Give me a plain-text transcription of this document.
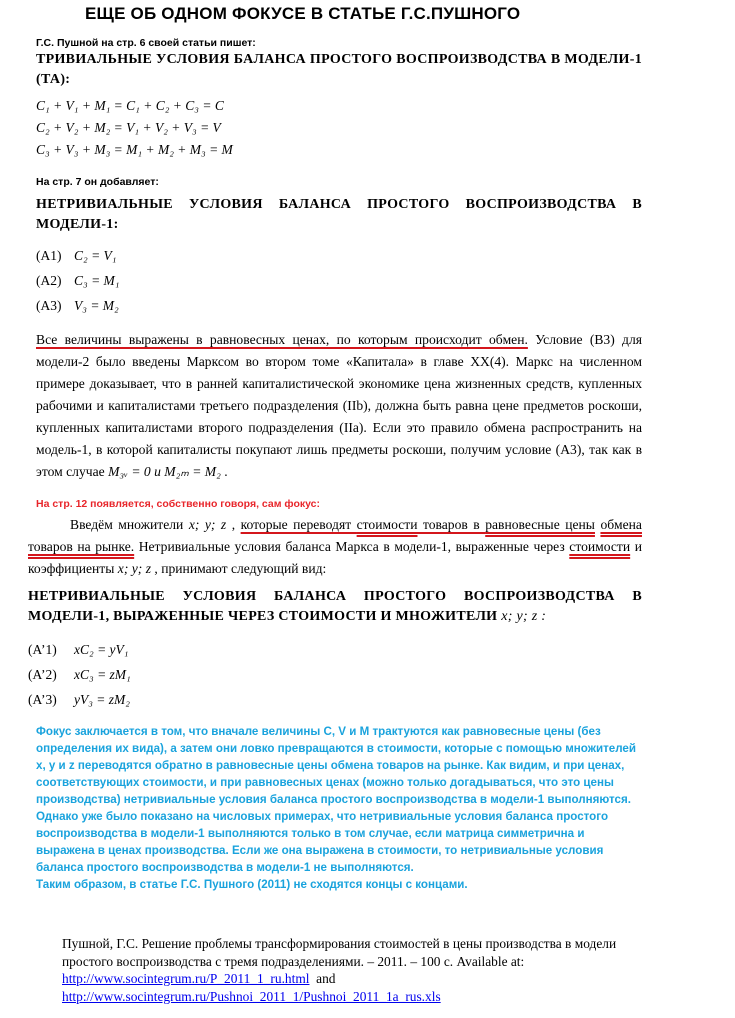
ЕЩЕ ОБ ОДНОМ ФОКУСЕ В СТАТЬЕ Г.С.ПУШНОГО
Г.С. Пушной на стр. 6 своей статьи пишет:
ТРИВИАЛЬНЫЕ УСЛОВИЯ БАЛАНСА ПРОСТОГО ВОСПРОИЗВОДСТВА В МОДЕЛИ-1 (ТА):
C₁ + V₁ + M₁ = C₁ + C₂ + C₃ = C
C₂ + V₂ + M₂ = V₁ + V₂ + V₃ = V
C₃ + V₃ + M₃ = M₁ + M₂ + M₃ = M
На стр. 7 он добавляет:
НЕТРИВИАЛЬНЫЕ УСЛОВИЯ БАЛАНСА ПРОСТОГО ВОСПРОИЗВОДСТВА В МОДЕЛИ-1:
(А1) C₂ = V₁
(А2) C₃ = M₁
(А3) V₃ = M₂
Все величины выражены в равновесных ценах, по которым происходит обмен. Условие (В3) для модели-2 было введены Марксом во втором томе «Капитала» в главе XX(4). Маркс на численном примере доказывает, что в ранней капиталистической экономике цена жизненных средств, купленных рабочими и капиталистами третьего подразделения (IIb), должна быть равна цене предметов роскоши, купленных капиталистами второго подразделения (IIa). Если это правило обмена распространить на модель-1, в которой капиталисты покупают лишь предметы роскоши, получим условие (А3), так как в этом случае M₃ᵥ = 0 и M₂ₘ = M₂ .
На стр. 12 появляется, собственно говоря, сам фокус:
Введём множители x; y; z , которые переводят стоимости товаров в равновесные цены обмена товаров на рынке. Нетривиальные условия баланса Маркса в модели-1, выраженные через стоимости и коэффициенты x; y; z , принимают следующий вид:
НЕТРИВИАЛЬНЫЕ УСЛОВИЯ БАЛАНСА ПРОСТОГО ВОСПРОИЗВОДСТВА В МОДЕЛИ-1, ВЫРАЖЕННЫЕ ЧЕРЕЗ СТОИМОСТИ И МНОЖИТЕЛИ x; y; z :
(А’1) xC₂ = yV₁
(А’2) xC₃ = zM₁
(А’3) yV₃ = zM₂
Фокус заключается в том, что вначале величины C, V и M трактуются как равновесные цены (без определения их вида), а затем они ловко превращаются в стоимости, которые с помощью множителей x, y и z переводятся обратно в равновесные цены обмена товаров на рынке. Как видим, и при ценах, соответствующих стоимости, и при равновесных ценах (можно только догадываться, что это цены производства) нетривиальные условия баланса простого воспроизводства в модели-1 выполняются.
Однако уже было показано на числовых примерах, что нетривиальные условия баланса простого воспроизводства в модели-1 выполняются только в том случае, если матрица симметрична и выражена в ценах производства. Если же она выражена в стоимости, то нетривиальные условия баланса простого воспроизводства в модели-1 не выполняются.
Таким образом, в статье Г.С. Пушного (2011) не сходятся концы с концами.
Пушной, Г.С. Решение проблемы трансформирования стоимостей в цены производства в модели простого воспроизводства с тремя подразделениями. – 2011. – 100 с. Available at:
http://www.socintegrum.ru/P_2011_1_ru.html and
http://www.socintegrum.ru/Pushnoi_2011_1/Pushnoi_2011_1a_rus.xls
